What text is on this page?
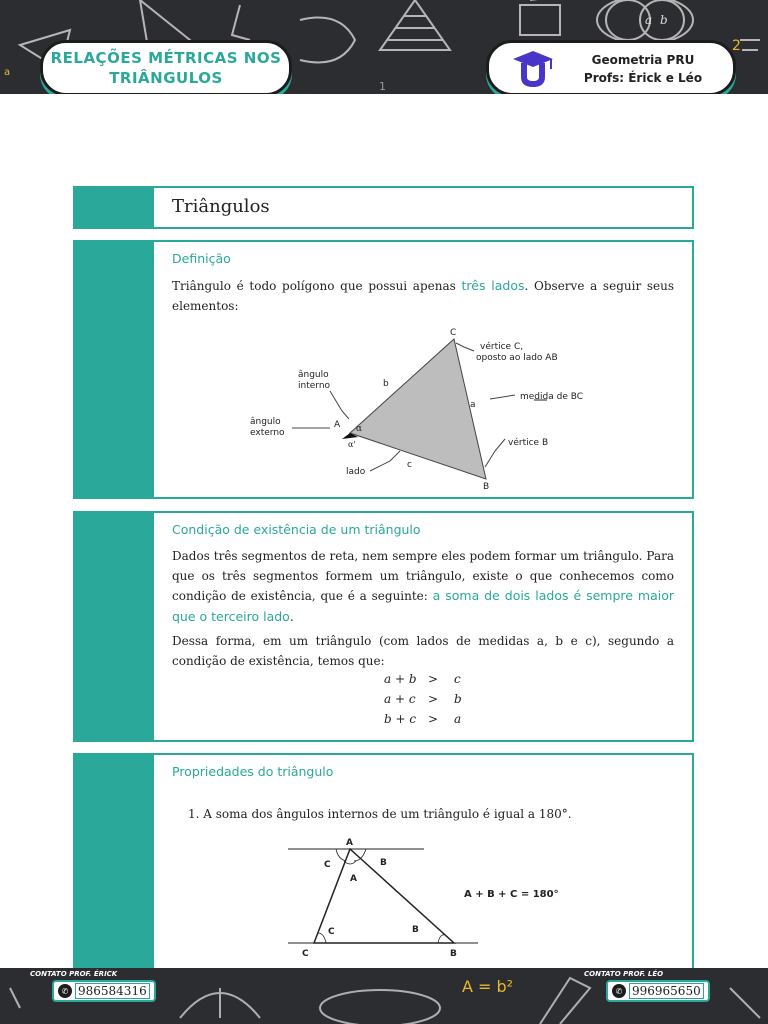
a b
2
a
RELAÇÕES MÉTRICAS NOS
TRIÂNGULOS	U
Geometria PRU
Profs: Érick e Léo
1
Triângulos
Definição

Triângulo é todo polígono que possui apenas três lados. Observe a seguir seus elementos:

C
A
B
vértice C,
oposto ao lado AB
b
a
c
medida de BC
vértice B
ângulo
interno
ângulo
externo
lado
α
α'
Condição de existência de um triângulo

Dados três segmentos de reta, nem sempre eles podem formar um triângulo. Para que os três segmentos formem um triângulo, existe o que conhecemos como condição de existência, que é a seguinte: a soma de dois lados é sempre maior que o terceiro lado.

Dessa forma, em um triângulo (com lados de medidas a, b e c), segundo a condição de existência, temos que:

a + b > c
a + c > b
b + c > a
Propriedades do triângulo

1. A soma dos ângulos internos de um triângulo é igual a 180°.

A
C	B
A
C	B
C	B
A + B + C = 180°
A = b²
CONTATO PROF. ÉRICK
✆ 986584316
CONTATO PROF. LÉO
✆ 996965650
